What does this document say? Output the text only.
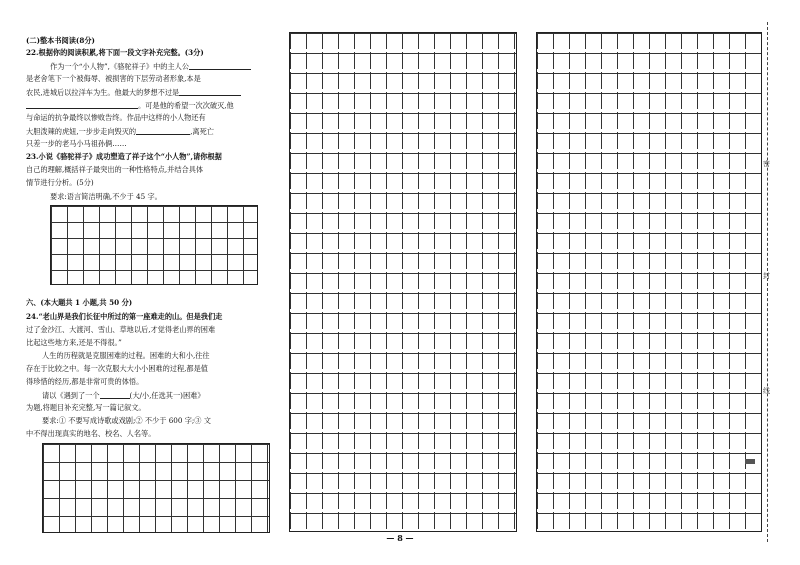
(二)整本书阅读(8分)
22.根据你的阅读积累,将下面一段文字补充完整。(3分)
作为一个“小人物”,《骆驼祥子》中的主人公
是老舍笔下一个被侮辱、被损害的下层劳动者形象,本是
农民,进城后以拉洋车为生。他最大的梦想不过是
。可是他的希望一次次破灭,他
与命运的抗争最终以惨败告终。作品中这样的小人物还有
大胆泼辣的虎妞,一步步走向毁灭的	,离死亡
只差一步的老马小马祖孙俩……
23.小说《骆驼祥子》成功塑造了祥子这个“小人物”,请你根据
自己的理解,概括祥子最突出的一种性格特点,并结合具体
情节进行分析。(5分)
要求:语言简洁明确,不少于 45 字。
六、(本大题共 1 小题,共 50 分)
24.“老山界是我们长征中所过的第一座难走的山。但是我们走
过了金沙江、大渡河、雪山、草地以后,才觉得老山界的困难
比起这些地方来,还是不得很。”
人生的历程就是克服困难的过程。困难的大和小,往往
存在于比较之中。每一次克服大大小小困难的过程,都是值
得珍惜的经历,都是非常可贵的体悟。
请以《遇到了一个	(大/小,任选其一)困难》
为题,将题目补充完整,写一篇记叙文。
要求:① 不要写成诗歌或戏剧;② 不少于 600 字;③ 文
中不得出现真实的地名、校名、人名等。
密
封
线
— 8 —
